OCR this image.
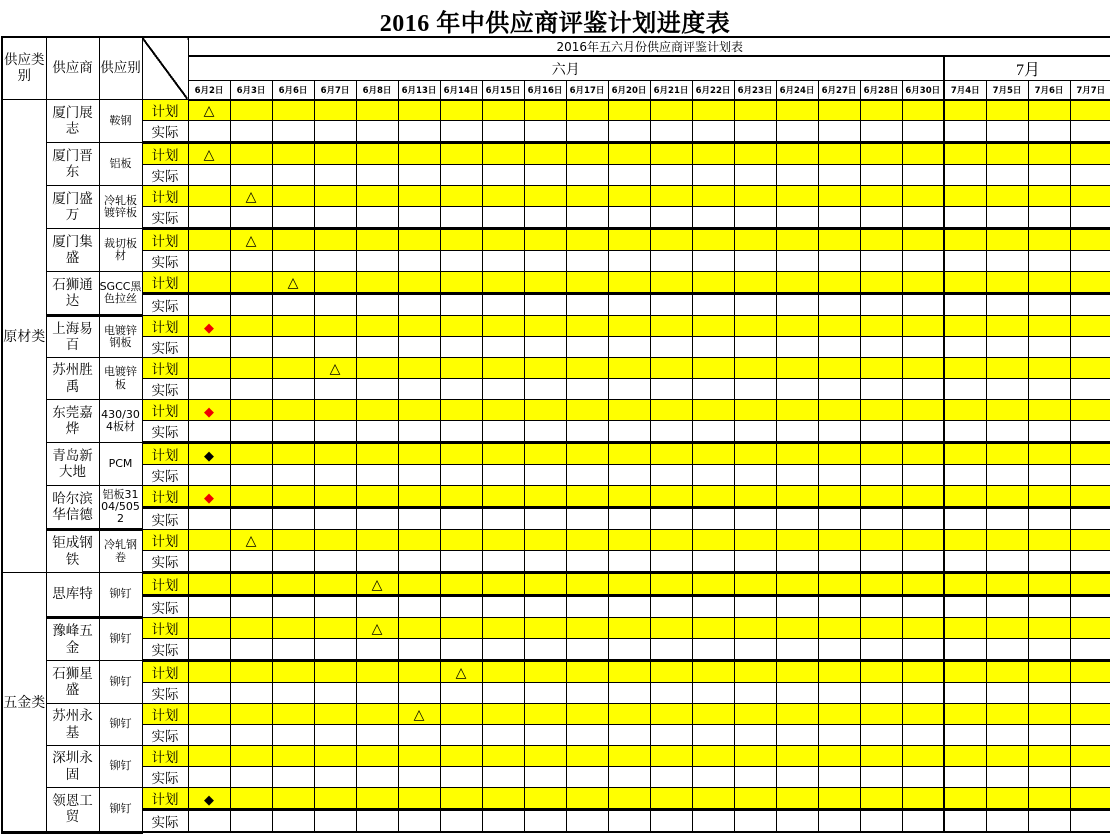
2016 年中供应商评鉴计划进度表
供应类别	供应商	供应别		2016年五六月份供应商评鉴计划表																					
				六月																		7月			
				6月2日	6月3日	6月6日	6月7日	6月8日	6月13日	6月14日	6月15日	6月16日	6月17日	6月20日	6月21日	6月22日	6月23日	6月24日	6月27日	6月28日	6月30日	7月4日	7月5日	7月6日	7月7日
原材类	厦门展志	鞍钢	计划	△																					
			实际																						
	厦门晋东	铝板	计划	△																					
			实际																						
	厦门盛万	冷轧板镀锌板	计划		△																				
			实际																						
	厦门集盛	裁切板材	计划		△																				
			实际																						
	石狮通达	SGCC黑色拉丝	计划			△																			
			实际																						
	上海易百	电镀锌钢板	计划	◆																					
			实际																						
	苏州胜禹	电镀锌板	计划				△																		
			实际																						
	东莞嘉烨	430/304板材	计划	◆																					
			实际																						
	青岛新大地	PCM	计划	◆																					
			实际																						
	哈尔滨华信德	铝板3104/5052	计划	◆																					
			实际																						
	钜成钢铁	冷轧钢卷	计划		△																				
			实际																						
五金类	思库特	铆钉	计划					△																	
			实际																						
	豫峰五金	铆钉	计划					△																	
			实际																						
	石狮星盛	铆钉	计划							△															
			实际																						
	苏州永基	铆钉	计划						△																
			实际																						
	深圳永固	铆钉	计划																						
			实际																						
	领恩工贸	铆钉	计划	◆																					
			实际																						
